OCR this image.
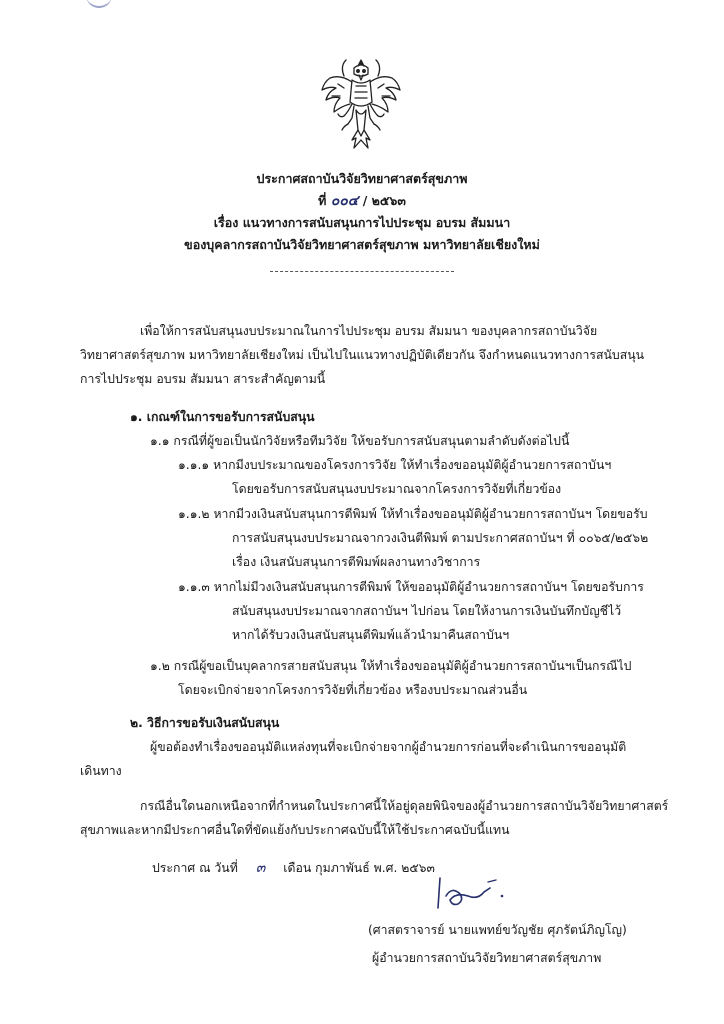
ประกาศสถาบันวิจัยวิทยาศาสตร์สุขภาพ
ที่ ๐๐๔ / ๒๕๖๓
เรื่อง แนวทางการสนับสนุนการไปประชุม อบรม สัมมนา
ของบุคลากรสถาบันวิจัยวิทยาศาสตร์สุขภาพ มหาวิทยาลัยเชียงใหม่
เพื่อให้การสนับสนุนงบประมาณในการไปประชุม อบรม สัมมนา ของบุคลากรสถาบันวิจัย
วิทยาศาสตร์สุขภาพ มหาวิทยาลัยเชียงใหม่ เป็นไปในแนวทางปฏิบัติเดียวกัน จึงกำหนดแนวทางการสนับสนุน
การไปประชุม อบรม สัมมนา สาระสำคัญตามนี้
๑. เกณฑ์ในการขอรับการสนับสนุน
๑.๑ กรณีที่ผู้ขอเป็นนักวิจัยหรือทีมวิจัย ให้ขอรับการสนับสนุนตามลำดับดังต่อไปนี้
๑.๑.๑ หากมีงบประมาณของโครงการวิจัย ให้ทำเรื่องขออนุมัติผู้อำนวยการสถาบันฯ
โดยขอรับการสนับสนุนงบประมาณจากโครงการวิจัยที่เกี่ยวข้อง
๑.๑.๒ หากมีวงเงินสนับสนุนการตีพิมพ์ ให้ทำเรื่องขออนุมัติผู้อำนวยการสถาบันฯ โดยขอรับ
การสนับสนุนงบประมาณจากวงเงินตีพิมพ์ ตามประกาศสถาบันฯ ที่ ๐๐๖๕/๒๕๖๒
เรื่อง เงินสนับสนุนการตีพิมพ์ผลงานทางวิชาการ
๑.๑.๓ หากไม่มีวงเงินสนับสนุนการตีพิมพ์ ให้ขออนุมัติผู้อำนวยการสถาบันฯ โดยขอรับการ
สนับสนุนงบประมาณจากสถาบันฯ ไปก่อน โดยให้งานการเงินบันทึกบัญชีไว้
หากได้รับวงเงินสนับสนุนตีพิมพ์แล้วนำมาคืนสถาบันฯ
๑.๒ กรณีผู้ขอเป็นบุคลากรสายสนับสนุน ให้ทำเรื่องขออนุมัติผู้อำนวยการสถาบันฯเป็นกรณีไป
โดยจะเบิกจ่ายจากโครงการวิจัยที่เกี่ยวข้อง หรืองบประมาณส่วนอื่น
๒. วิธีการขอรับเงินสนับสนุน
ผู้ขอต้องทำเรื่องขออนุมัติแหล่งทุนที่จะเบิกจ่ายจากผู้อำนวยการก่อนที่จะดำเนินการขออนุมัติ
เดินทาง
กรณีอื่นใดนอกเหนือจากที่กำหนดในประกาศนี้ให้อยู่ดุลยพินิจของผู้อำนวยการสถาบันวิจัยวิทยาศาสตร์
สุขภาพและหากมีประกาศอื่นใดที่ขัดแย้งกับประกาศฉบับนี้ให้ใช้ประกาศฉบับนี้แทน
ประกาศ ณ วันที่ ๓ เดือน กุมภาพันธ์ พ.ศ. ๒๕๖๓
(ศาสตราจารย์ นายแพทย์ขวัญชัย ศุภรัตน์ภิญโญ)
ผู้อำนวยการสถาบันวิจัยวิทยาศาสตร์สุขภาพ
